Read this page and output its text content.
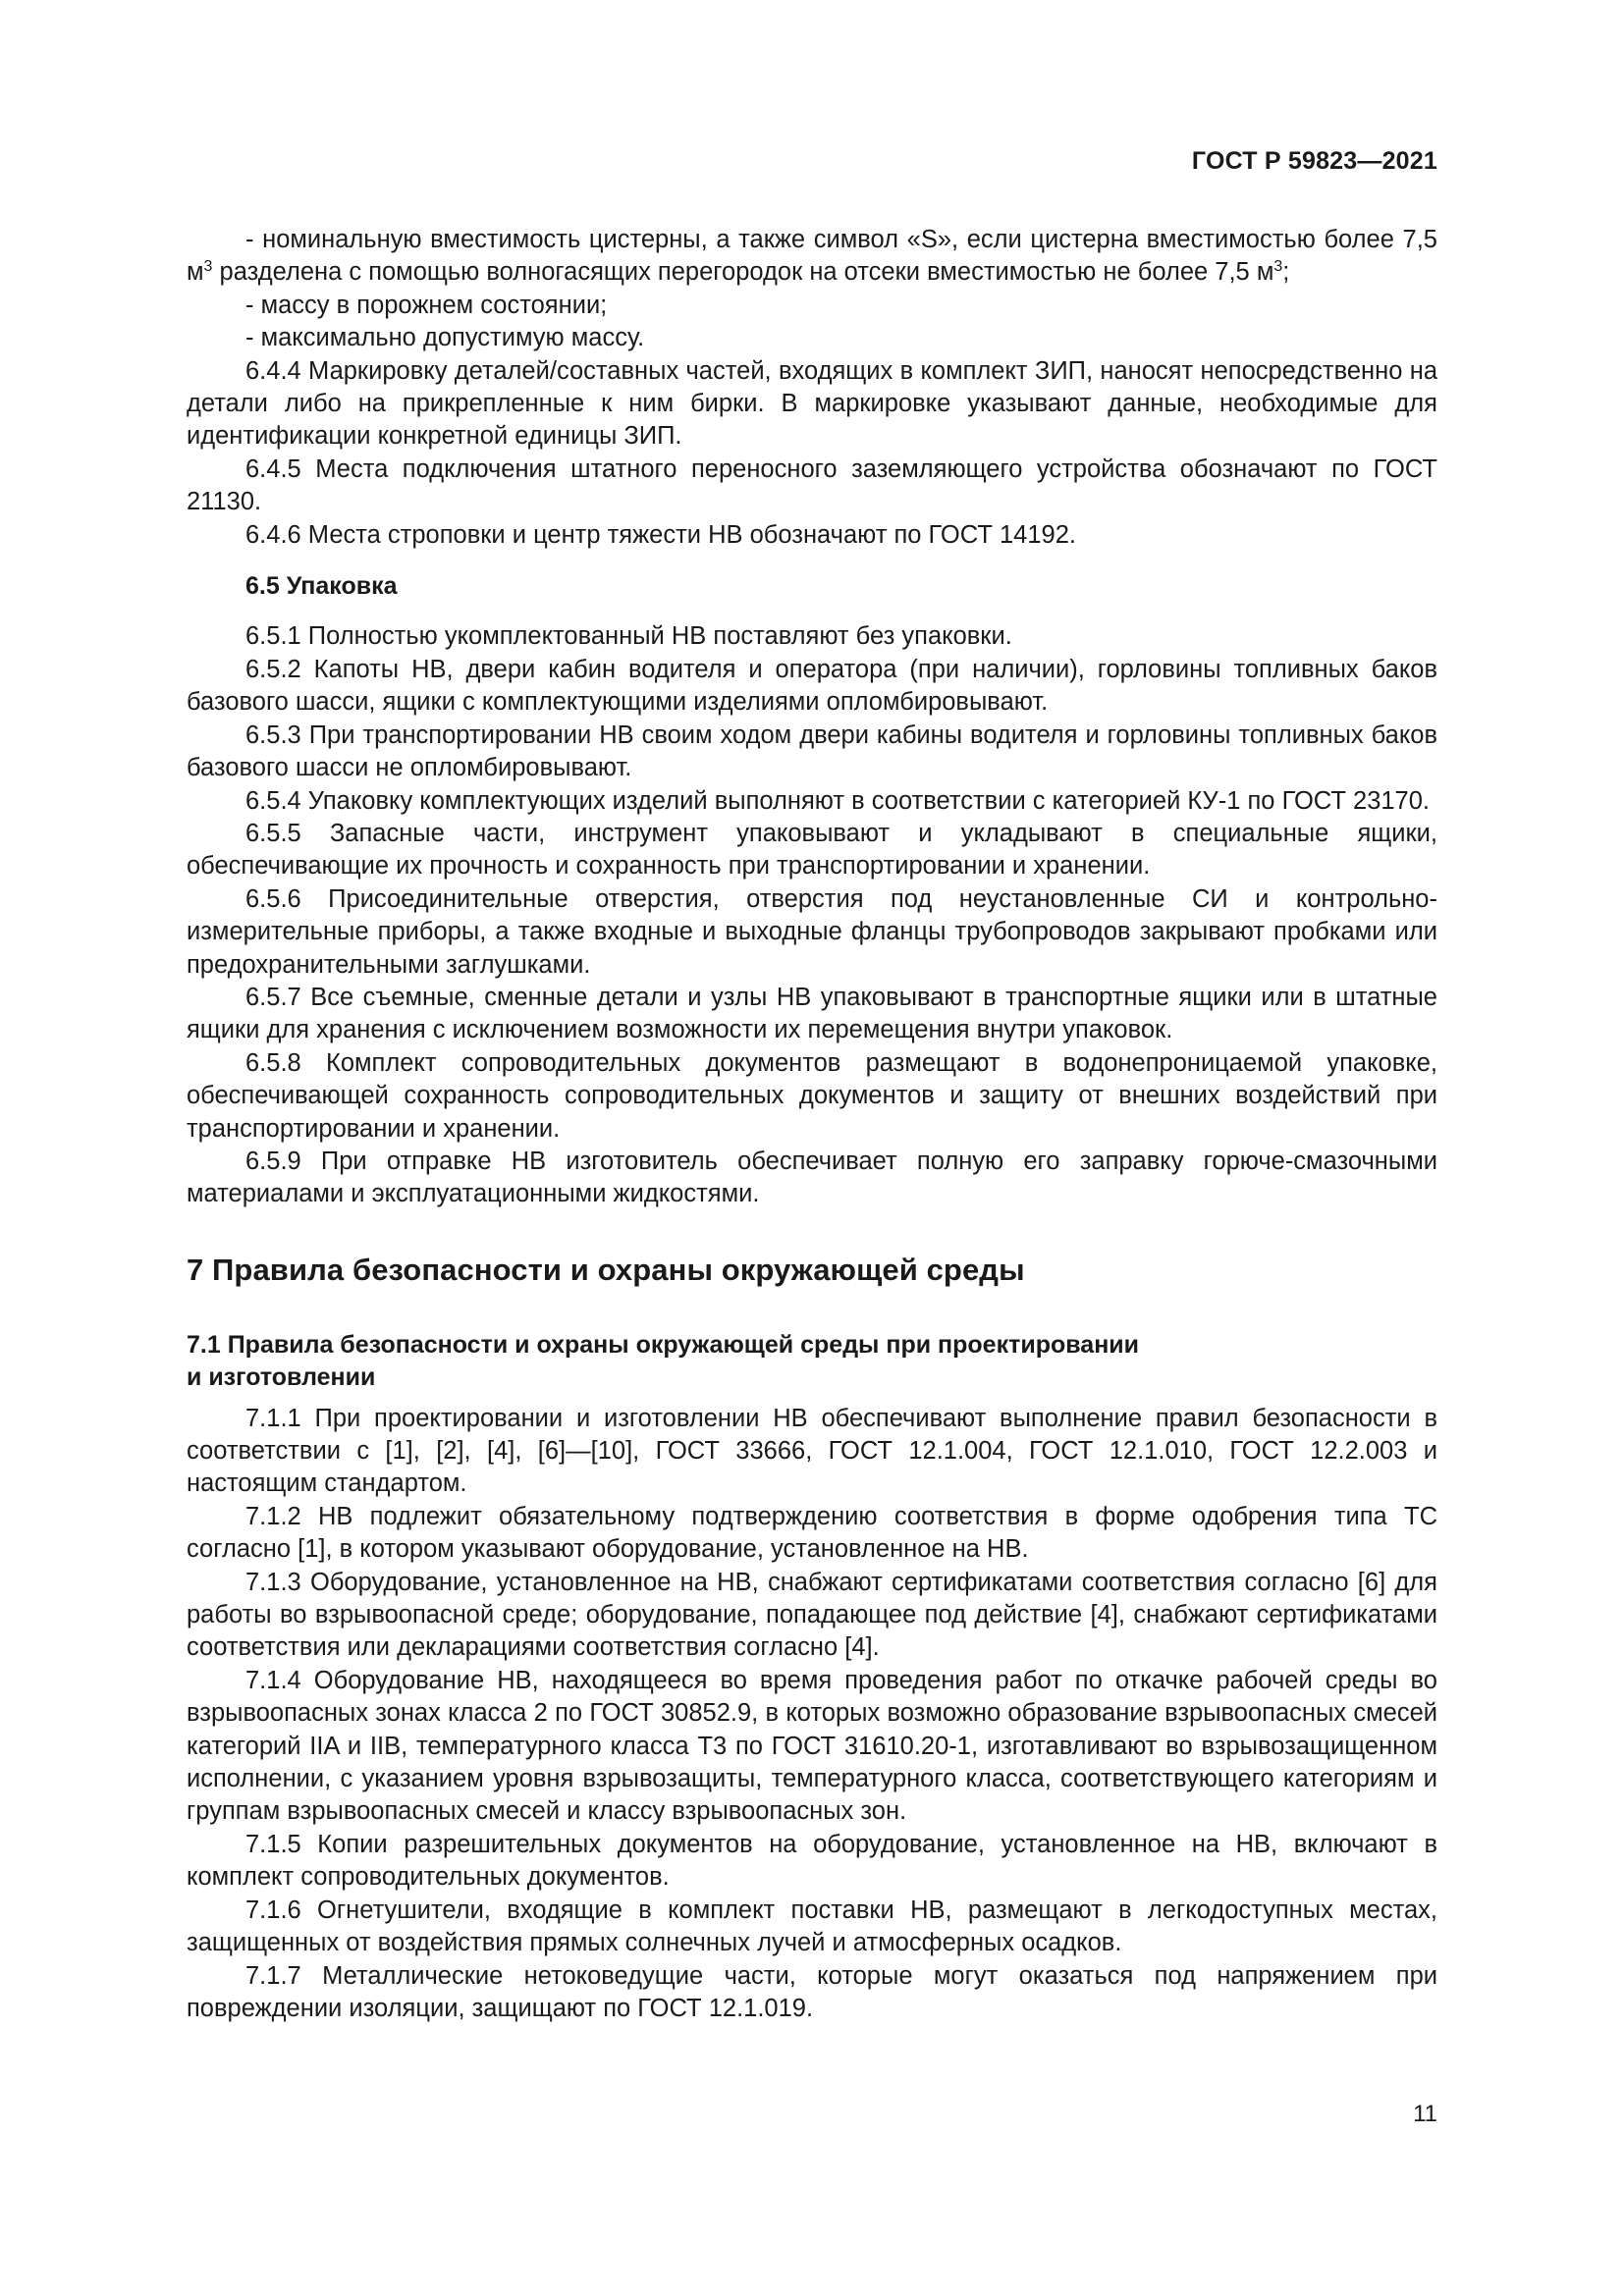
ГОСТ Р 59823—2021

- номинальную вместимость цистерны, а также символ «S», если цистерна вместимостью более 7,5 $м^3$ разделена с помощью волногасящих перегородок на отсеки вместимостью не более 7,5 $м^3$;

- массу в порожнем состоянии;

- максимально допустимую массу.

6.4.4 Маркировку деталей/составных частей, входящих в комплект ЗИП, наносят непосредственно на детали либо на прикрепленные к ним бирки. В маркировке указывают данные, необходимые для идентификации конкретной единицы ЗИП.

6.4.5 Места подключения штатного переносного заземляющего устройства обозначают по ГОСТ 21130.

6.4.6 Места строповки и центр тяжести НВ обозначают по ГОСТ 14192.

6.5 Упаковка

6.5.1 Полностью укомплектованный НВ поставляют без упаковки.

6.5.2 Капоты НВ, двери кабин водителя и оператора (при наличии), горловины топливных баков базового шасси, ящики с комплектующими изделиями опломбировывают.

6.5.3 При транспортировании НВ своим ходом двери кабины водителя и горловины топливных баков базового шасси не опломбировывают.

6.5.4 Упаковку комплектующих изделий выполняют в соответствии с категорией КУ-1 по ГОСТ 23170.

6.5.5 Запасные части, инструмент упаковывают и укладывают в специальные ящики, обеспечивающие их прочность и сохранность при транспортировании и хранении.

6.5.6 Присоединительные отверстия, отверстия под неустановленные СИ и контрольно-измерительные приборы, а также входные и выходные фланцы трубопроводов закрывают пробками или предохранительными заглушками.

6.5.7 Все съемные, сменные детали и узлы НВ упаковывают в транспортные ящики или в штатные ящики для хранения с исключением возможности их перемещения внутри упаковок.

6.5.8 Комплект сопроводительных документов размещают в водонепроницаемой упаковке, обеспечивающей сохранность сопроводительных документов и защиту от внешних воздействий при транспортировании и хранении.

6.5.9 При отправке НВ изготовитель обеспечивает полную его заправку горюче-смазочными материалами и эксплуатационными жидкостями.

7 Правила безопасности и охраны окружающей среды
7.1 Правила безопасности и охраны окружающей среды при проектировании
и изготовлении

7.1.1 При проектировании и изготовлении НВ обеспечивают выполнение правил безопасности в соответствии с [1], [2], [4], [6]—[10], ГОСТ 33666, ГОСТ 12.1.004, ГОСТ 12.1.010, ГОСТ 12.2.003 и настоящим стандартом.

7.1.2 НВ подлежит обязательному подтверждению соответствия в форме одобрения типа ТС согласно [1], в котором указывают оборудование, установленное на НВ.

7.1.3 Оборудование, установленное на НВ, снабжают сертификатами соответствия согласно [6] для работы во взрывоопасной среде; оборудование, попадающее под действие [4], снабжают сертификатами соответствия или декларациями соответствия согласно [4].

7.1.4 Оборудование НВ, находящееся во время проведения работ по откачке рабочей среды во взрывоопасных зонах класса 2 по ГОСТ 30852.9, в которых возможно образование взрывоопасных смесей категорий IIA и IIB, температурного класса Т3 по ГОСТ 31610.20-1, изготавливают во взрывозащищенном исполнении, с указанием уровня взрывозащиты, температурного класса, соответствующего категориям и группам взрывоопасных смесей и классу взрывоопасных зон.

7.1.5 Копии разрешительных документов на оборудование, установленное на НВ, включают в комплект сопроводительных документов.

7.1.6 Огнетушители, входящие в комплект поставки НВ, размещают в легкодоступных местах, защищенных от воздействия прямых солнечных лучей и атмосферных осадков.

7.1.7 Металлические нетоковедущие части, которые могут оказаться под напряжением при повреждении изоляции, защищают по ГОСТ 12.1.019.

11
